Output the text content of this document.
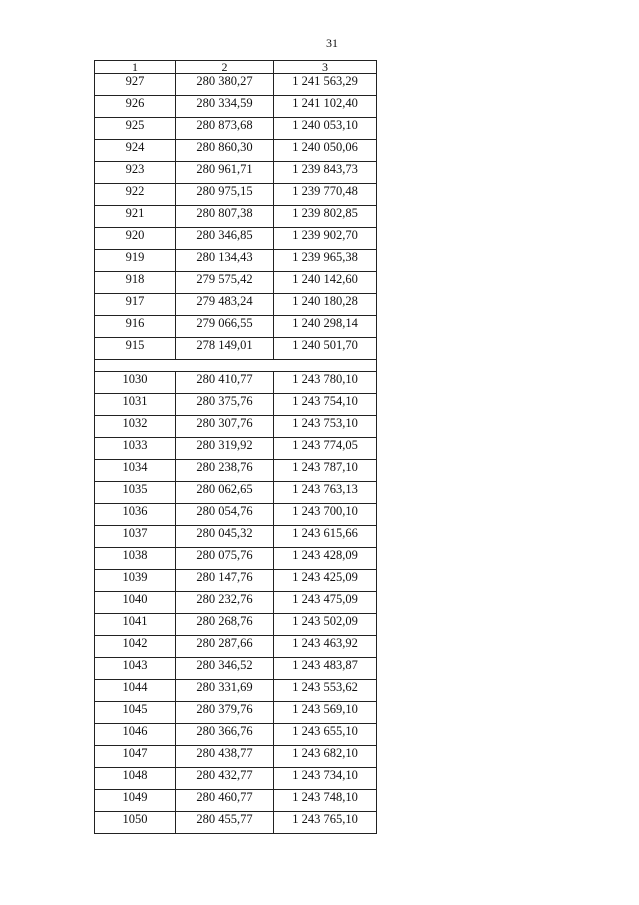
31
1	2	3
927	280 380,27	1 241 563,29
926	280 334,59	1 241 102,40
925	280 873,68	1 240 053,10
924	280 860,30	1 240 050,06
923	280 961,71	1 239 843,73
922	280 975,15	1 239 770,48
921	280 807,38	1 239 802,85
920	280 346,85	1 239 902,70
919	280 134,43	1 239 965,38
918	279 575,42	1 240 142,60
917	279 483,24	1 240 180,28
916	279 066,55	1 240 298,14
915	278 149,01	1 240 501,70

1030	280 410,77	1 243 780,10
1031	280 375,76	1 243 754,10
1032	280 307,76	1 243 753,10
1033	280 319,92	1 243 774,05
1034	280 238,76	1 243 787,10
1035	280 062,65	1 243 763,13
1036	280 054,76	1 243 700,10
1037	280 045,32	1 243 615,66
1038	280 075,76	1 243 428,09
1039	280 147,76	1 243 425,09
1040	280 232,76	1 243 475,09
1041	280 268,76	1 243 502,09
1042	280 287,66	1 243 463,92
1043	280 346,52	1 243 483,87
1044	280 331,69	1 243 553,62
1045	280 379,76	1 243 569,10
1046	280 366,76	1 243 655,10
1047	280 438,77	1 243 682,10
1048	280 432,77	1 243 734,10
1049	280 460,77	1 243 748,10
1050	280 455,77	1 243 765,10
